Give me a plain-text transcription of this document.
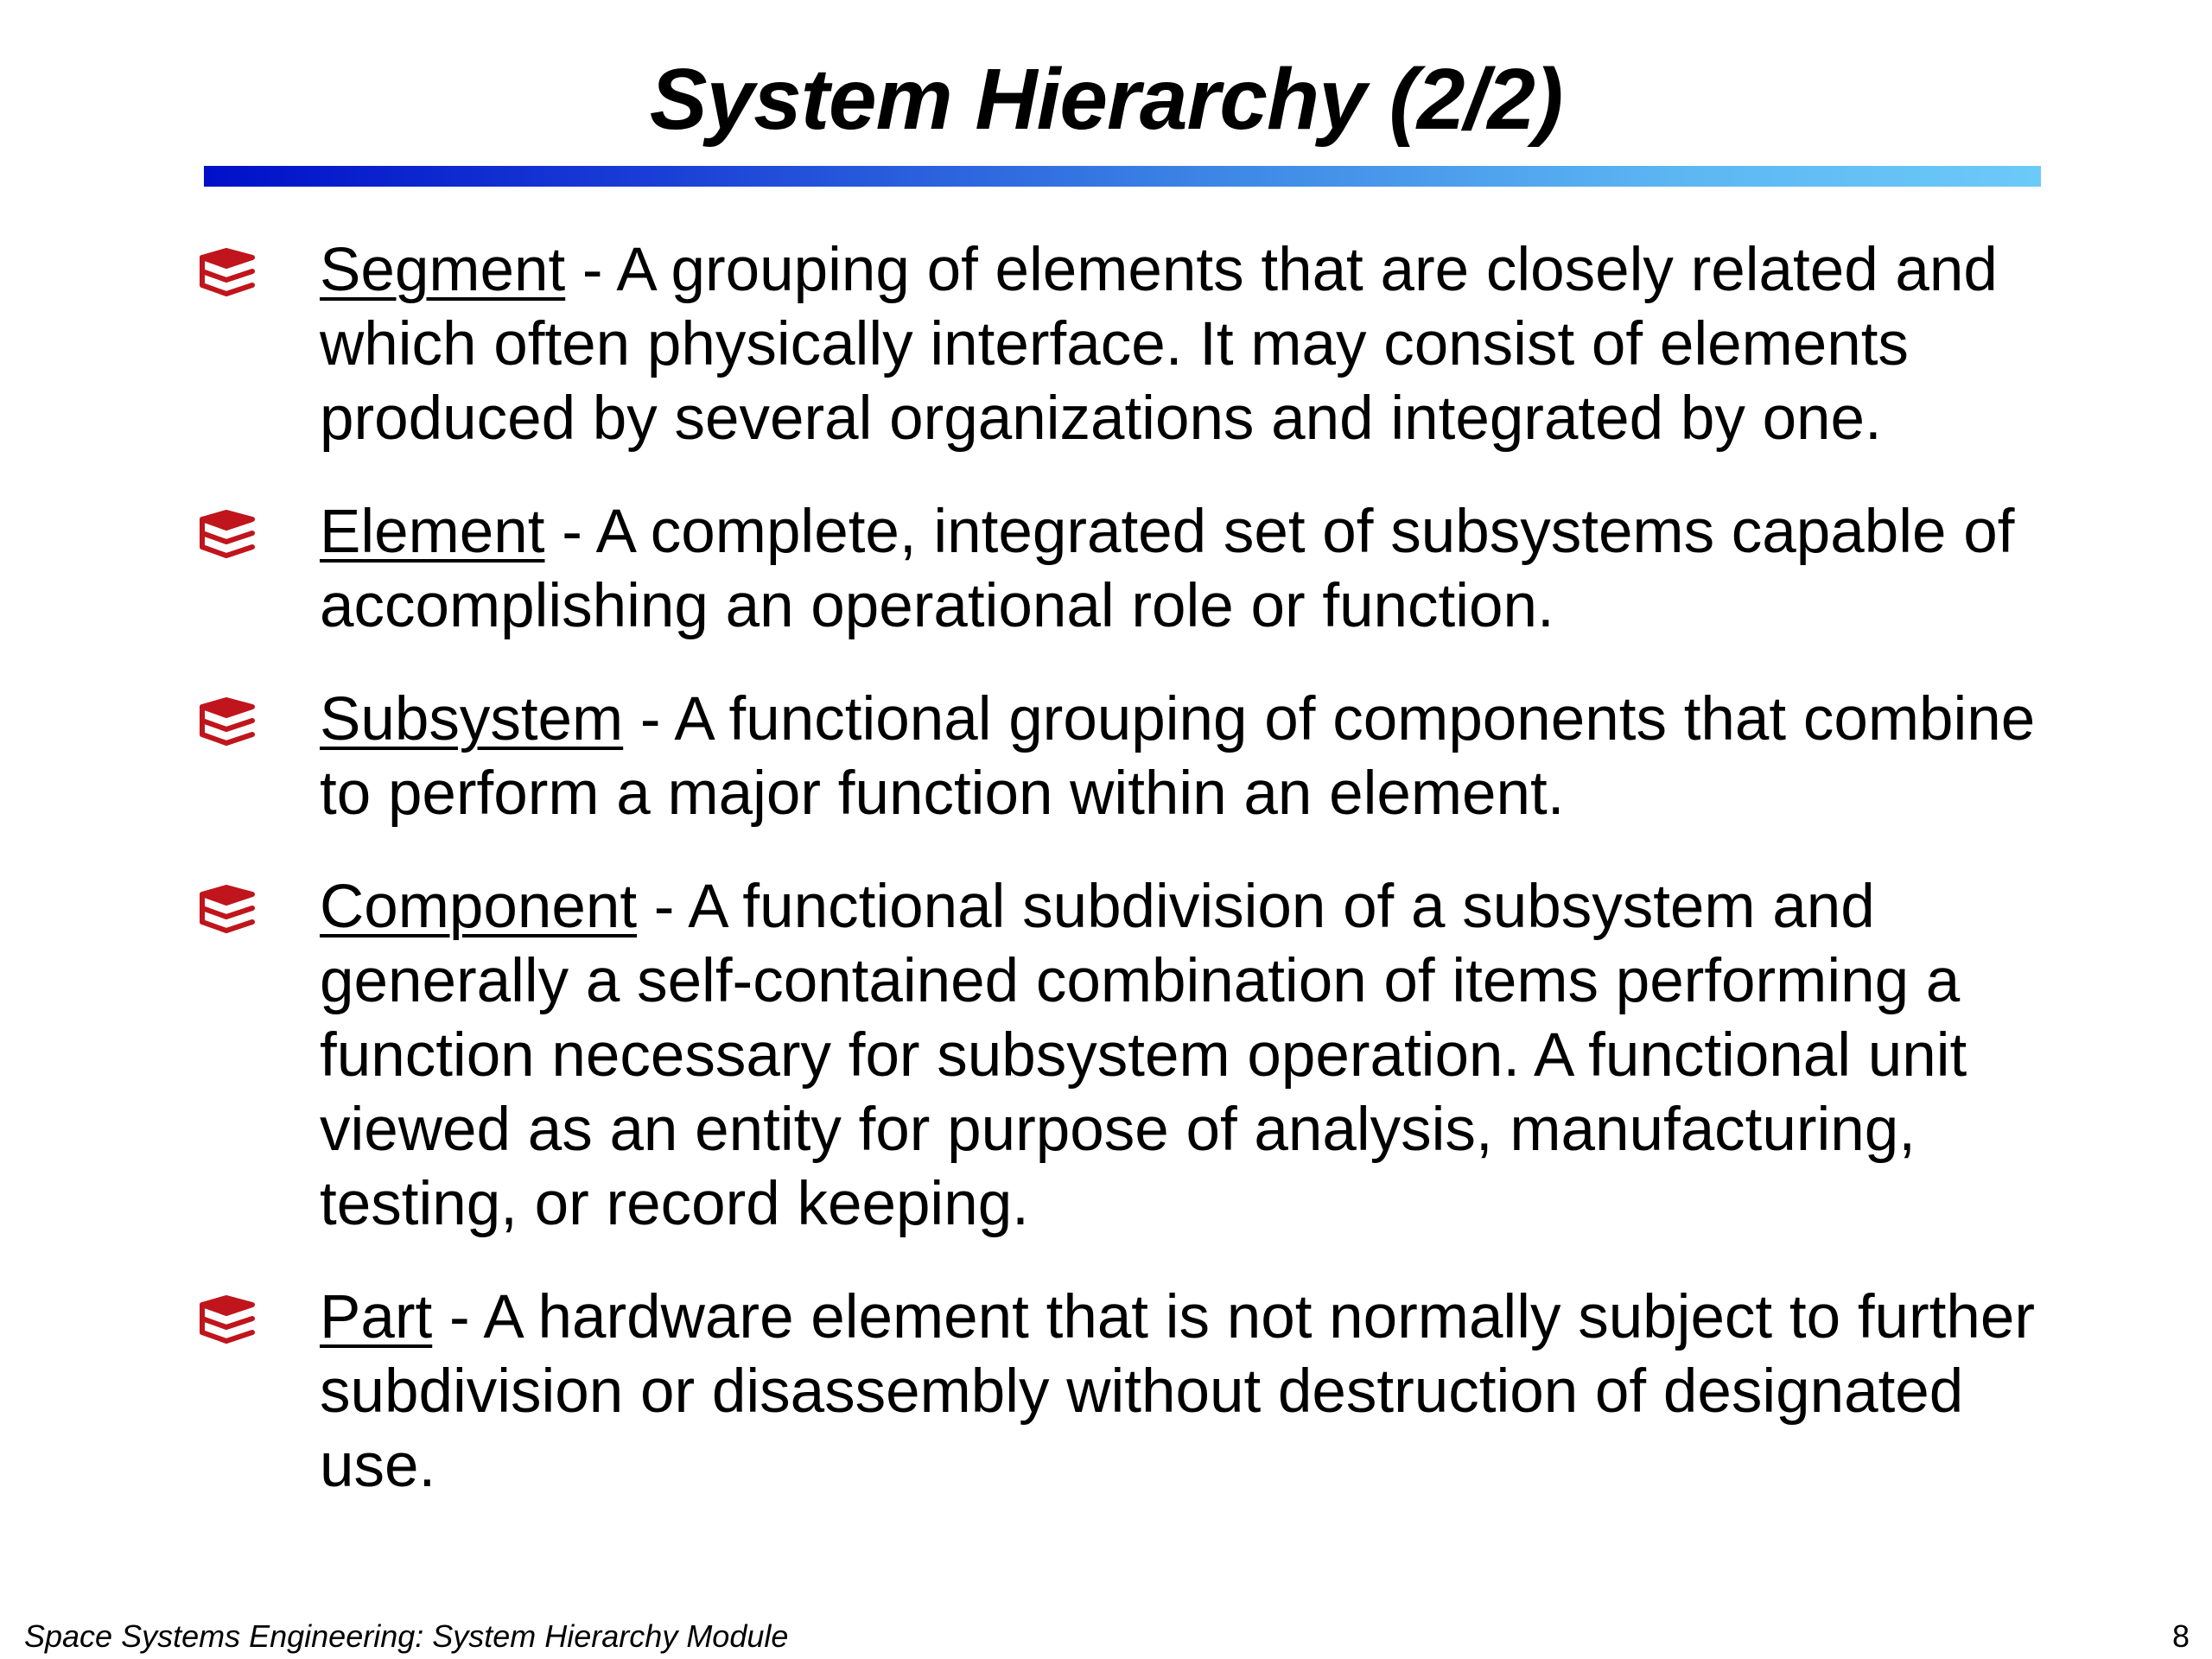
System Hierarchy (2/2)
Segment - A grouping of elements that are closely related and which often physically interface. It may consist of elements produced by several organizations and integrated by one.
Element - A complete, integrated set of subsystems capable of accomplishing an operational role or function.
Subsystem - A functional grouping of components that combine to perform a major function within an element.
Component - A functional subdivision of a subsystem and generally a self-contained combination of items performing a function necessary for subsystem operation. A functional unit viewed as an entity for purpose of analysis, manufacturing, testing, or record keeping.
Part - A hardware element that is not normally subject to further subdivision or disassembly without destruction of designated use.
Space Systems Engineering: System Hierarchy Module	8
